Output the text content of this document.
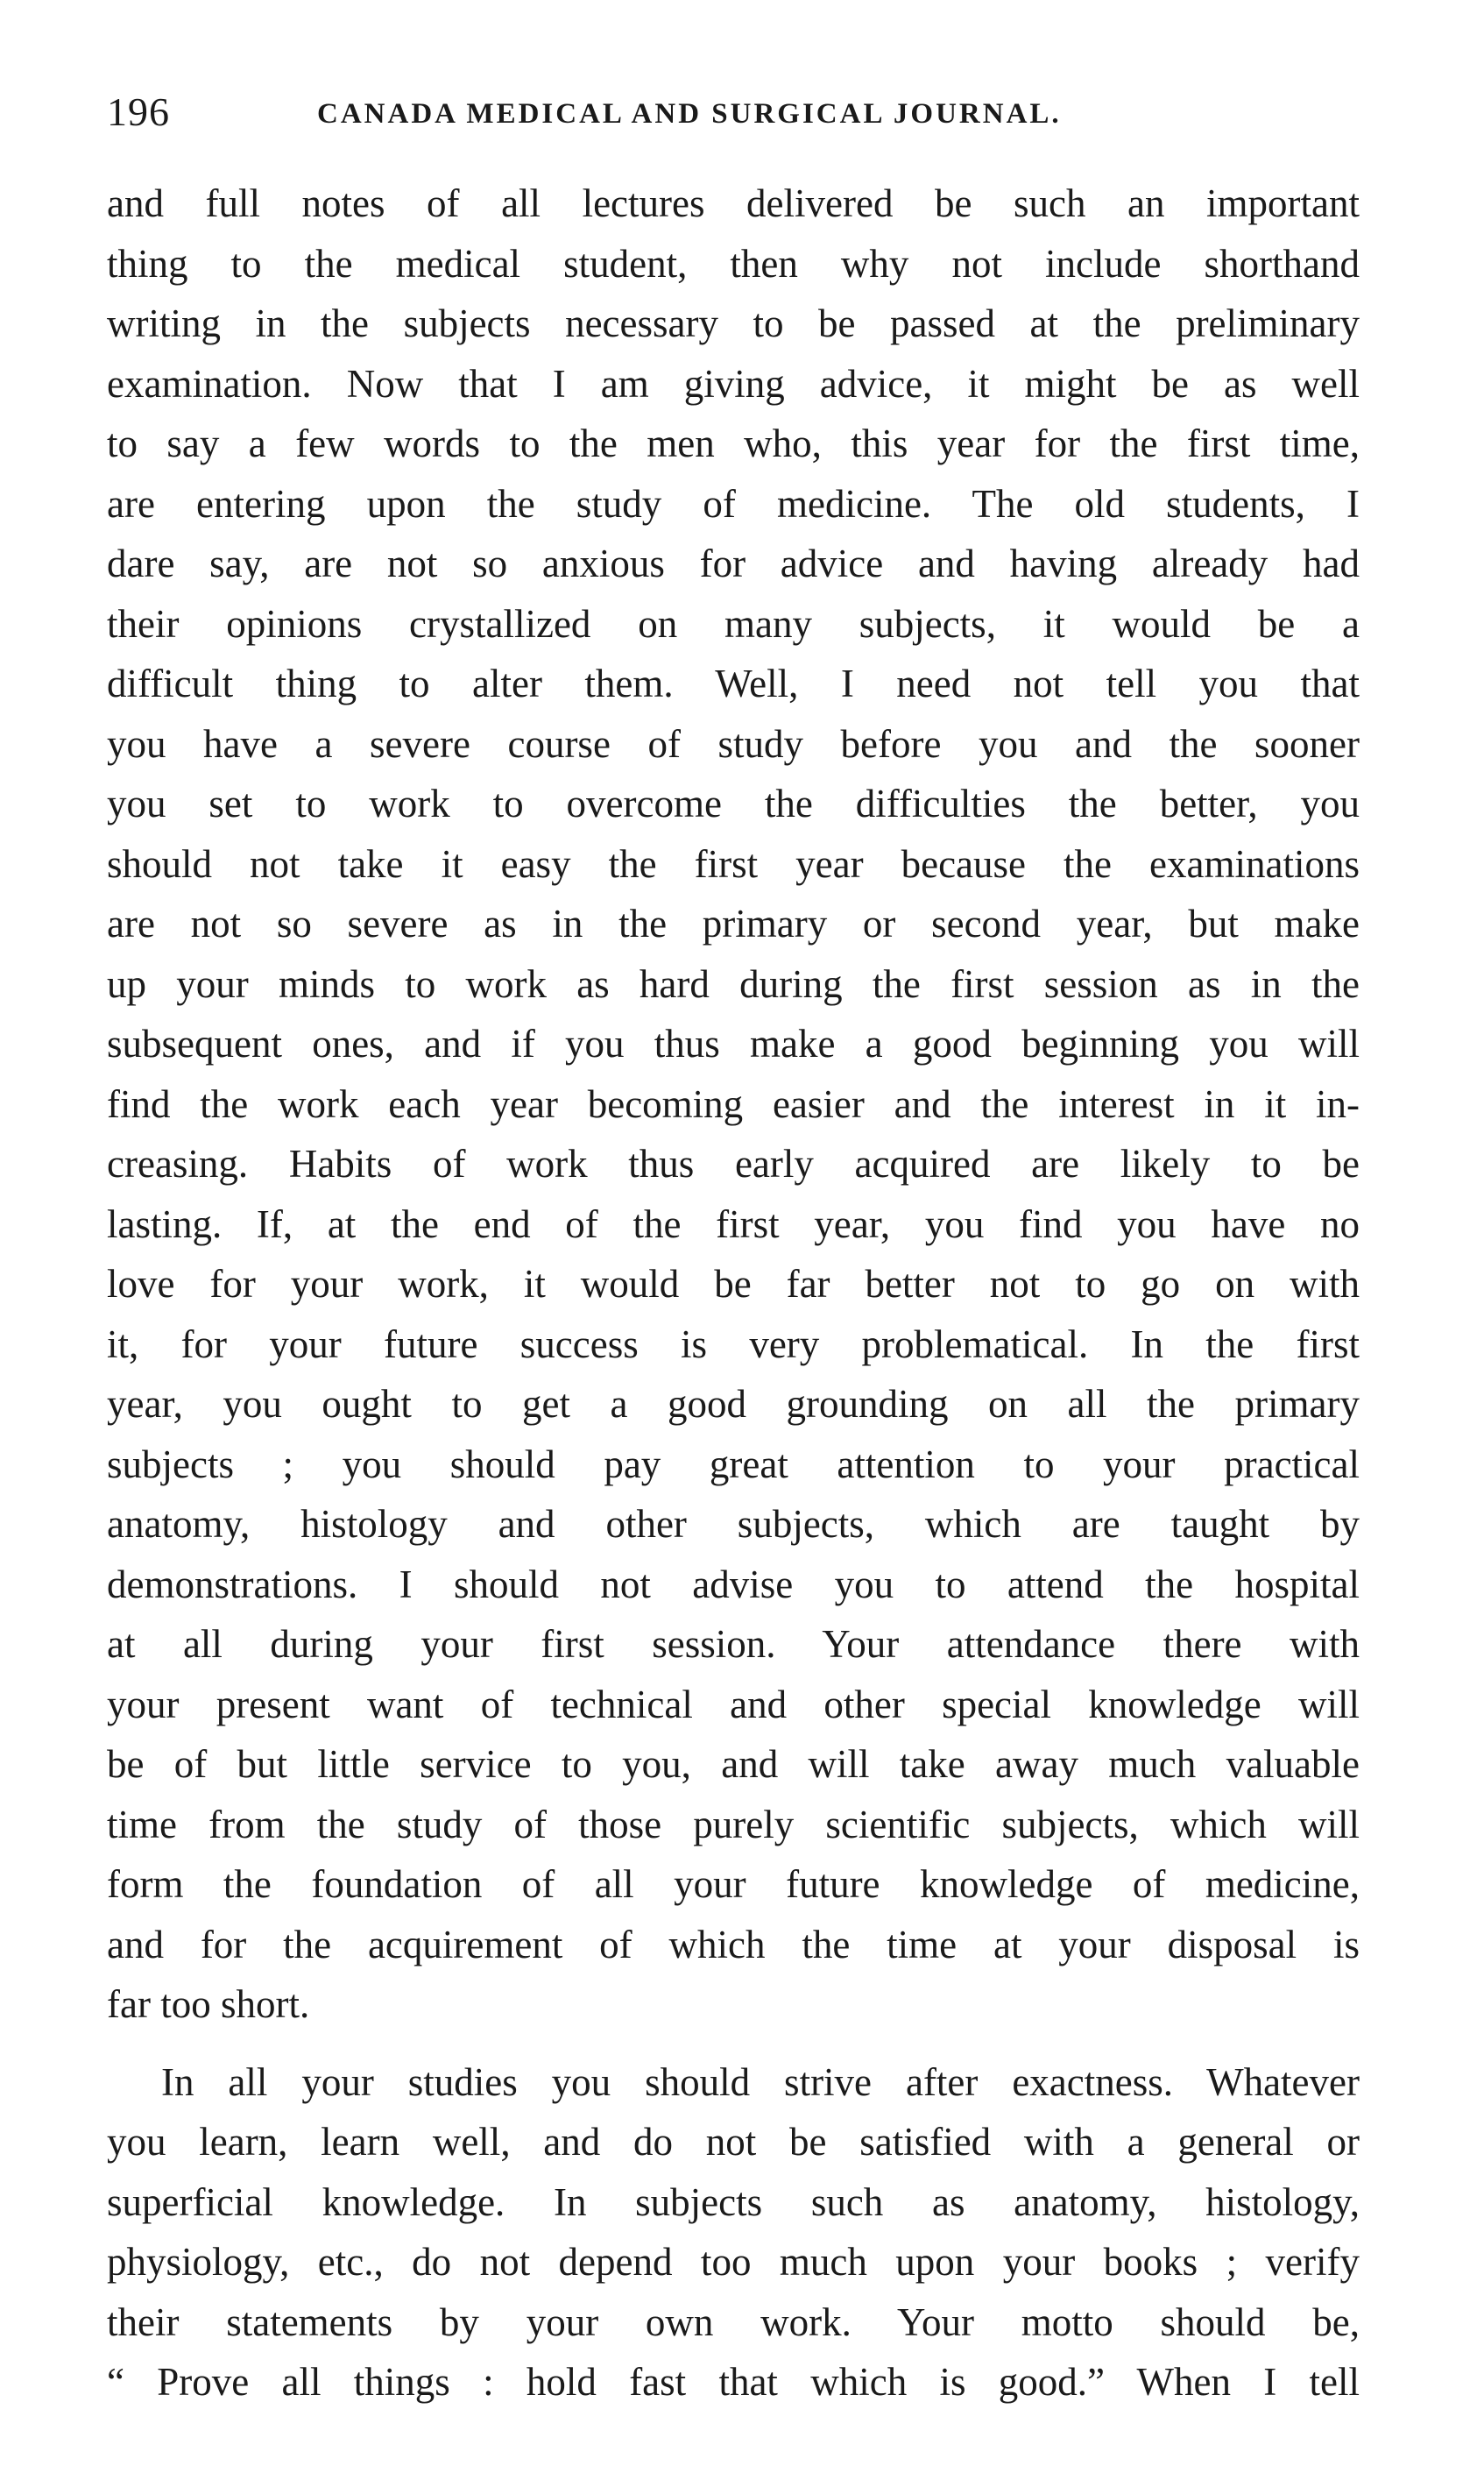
196	CANADA MEDICAL AND SURGICAL JOURNAL.
and full notes of all lectures delivered be such an important
thing to the medical student, then why not include shorthand
writing in the subjects necessary to be passed at the preliminary
examination. Now that I am giving advice, it might be as well
to say a few words to the men who, this year for the first time,
are entering upon the study of medicine. The old students, I
dare say, are not so anxious for advice and having already had
their opinions crystallized on many subjects, it would be a
difficult thing to alter them. Well, I need not tell you that
you have a severe course of study before you and the sooner
you set to work to overcome the difficulties the better, you
should not take it easy the first year because the examinations
are not so severe as in the primary or second year, but make
up your minds to work as hard during the first session as in the
subsequent ones, and if you thus make a good beginning you will
find the work each year becoming easier and the interest in it in-
creasing. Habits of work thus early acquired are likely to be
lasting. If, at the end of the first year, you find you have no
love for your work, it would be far better not to go on with
it, for your future success is very problematical. In the first
year, you ought to get a good grounding on all the primary
subjects ; you should pay great attention to your practical
anatomy, histology and other subjects, which are taught by
demonstrations. I should not advise you to attend the hospital
at all during your first session. Your attendance there with
your present want of technical and other special knowledge will
be of but little service to you, and will take away much valuable
time from the study of those purely scientific subjects, which will
form the foundation of all your future knowledge of medicine,
and for the acquirement of which the time at your disposal is
far too short.
In all your studies you should strive after exactness. Whatever
you learn, learn well, and do not be satisfied with a general or
superficial knowledge. In subjects such as anatomy, histology,
physiology, etc., do not depend too much upon your books ; verify
their statements by your own work. Your motto should be,
“ Prove all things : hold fast that which is good.” When I tell
